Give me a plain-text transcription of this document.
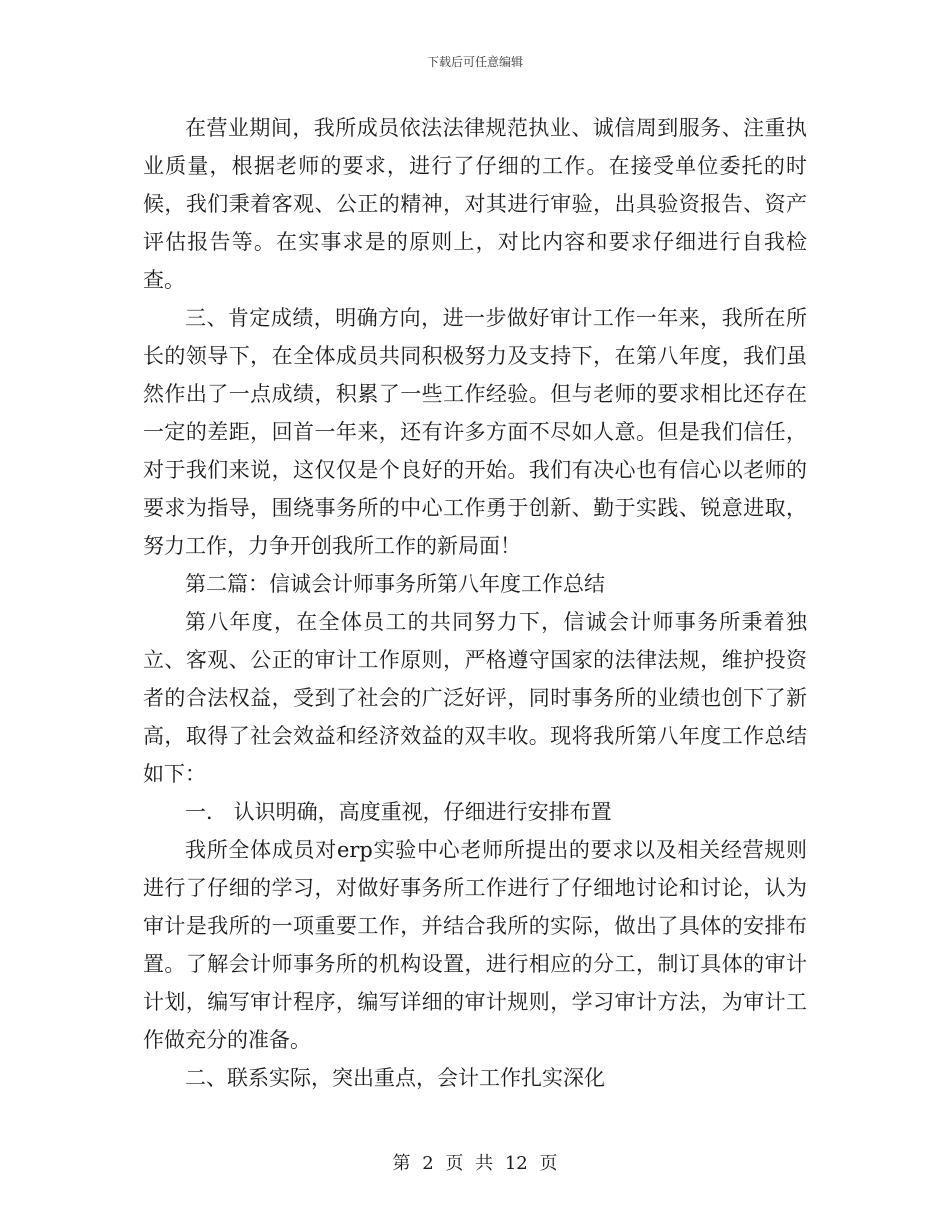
下载后可任意编辑

在营业期间，我所成员依法法律规范执业、诚信周到服务、注重执业质量，根据老师的要求，进行了仔细的工作。在接受单位委托的时候，我们秉着客观、公正的精神，对其进行审验，出具验资报告、资产评估报告等。在实事求是的原则上，对比内容和要求仔细进行自我检查。

三、肯定成绩，明确方向，进一步做好审计工作一年来，我所在所长的领导下，在全体成员共同积极努力及支持下，在第八年度，我们虽然作出了一点成绩，积累了一些工作经验。但与老师的要求相比还存在一定的差距，回首一年来，还有许多方面不尽如人意。但是我们信任，对于我们来说，这仅仅是个良好的开始。我们有决心也有信心以老师的要求为指导，围绕事务所的中心工作勇于创新、勤于实践、锐意进取，努力工作，力争开创我所工作的新局面！

第二篇：信诚会计师事务所第八年度工作总结

第八年度，在全体员工的共同努力下，信诚会计师事务所秉着独立、客观、公正的审计工作原则，严格遵守国家的法律法规，维护投资者的合法权益，受到了社会的广泛好评，同时事务所的业绩也创下了新高，取得了社会效益和经济效益的双丰收。现将我所第八年度工作总结如下：

一． 认识明确，高度重视，仔细进行安排布置

我所全体成员对erp实验中心老师所提出的要求以及相关经营规则进行了仔细的学习，对做好事务所工作进行了仔细地讨论和讨论，认为审计是我所的一项重要工作，并结合我所的实际，做出了具体的安排布置。了解会计师事务所的机构设置，进行相应的分工，制订具体的审计计划，编写审计程序，编写详细的审计规则，学习审计方法，为审计工作做充分的准备。

二、联系实际，突出重点，会计工作扎实深化

第 2 页 共 12 页
